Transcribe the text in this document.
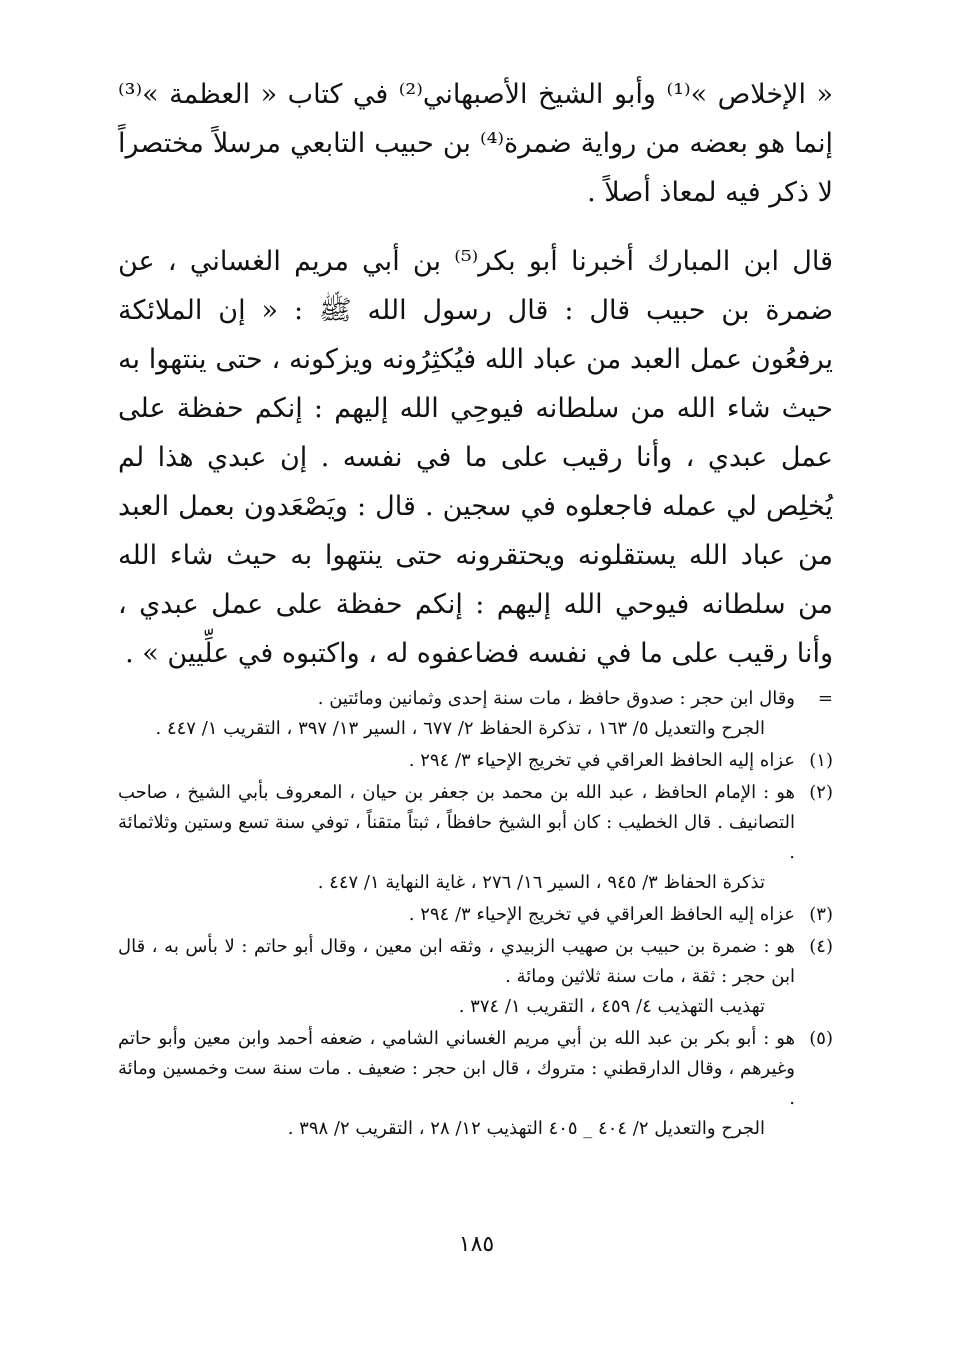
« الإخلاص »⁽¹⁾ وأبو الشيخ الأصبهاني⁽²⁾ في كتاب « العظمة »⁽³⁾ إنما هو بعضه من رواية ضمرة⁽⁴⁾ بن حبيب التابعي مرسلاً مختصراً لا ذكر فيه لمعاذ أصلاً .

قال ابن المبارك أخبرنا أبو بكر⁽⁵⁾ بن أبي مريم الغساني ، عن ضمرة بن حبيب قال : قال رسول الله ﷺ : « إن الملائكة يرفعُون عمل العبد من عباد الله فيُكثِرُونه ويزكونه ، حتى ينتهوا به حيث شاء الله من سلطانه فيوحِي الله إليهم : إنكم حفظة على عمل عبدي ، وأنا رقيب على ما في نفسه . إن عبدي هذا لم يُخلِص لي عمله فاجعلوه في سجين . قال : ويَصْعَدون بعمل العبد من عباد الله يستقلونه ويحتقرونه حتى ينتهوا به حيث شاء الله من سلطانه فيوحي الله إليهم : إنكم حفظة على عمل عبدي ، وأنا رقيب على ما في نفسه فضاعفوه له ، واكتبوه في علِّيين » .

=
وقال ابن حجر : صدوق حافظ ، مات سنة إحدى وثمانين ومائتين .
الجرح والتعديل ٥/ ١٦٣ ، تذكرة الحفاظ ٢/ ٦٧٧ ، السير ١٣/ ٣٩٧ ، التقريب ١/ ٤٤٧ .
(١)
عزاه إليه الحافظ العراقي في تخريج الإحياء ٣/ ٢٩٤ .
(٢)
هو : الإمام الحافظ ، عبد الله بن محمد بن جعفر بن حيان ، المعروف بأبي الشيخ ، صاحب التصانيف . قال الخطيب : كان أبو الشيخ حافظاً ، ثبتاً متقناً ، توفي سنة تسع وستين وثلاثمائة .
تذكرة الحفاظ ٣/ ٩٤٥ ، السير ١٦/ ٢٧٦ ، غاية النهاية ١/ ٤٤٧ .
(٣)
عزاه إليه الحافظ العراقي في تخريج الإحياء ٣/ ٢٩٤ .
(٤)
هو : ضمرة بن حبيب بن صهيب الزبيدي ، وثقه ابن معين ، وقال أبو حاتم : لا بأس به ، قال ابن حجر : ثقة ، مات سنة ثلاثين ومائة .
تهذيب التهذيب ٤/ ٤٥٩ ، التقريب ١/ ٣٧٤ .
(٥)
هو : أبو بكر بن عبد الله بن أبي مريم الغساني الشامي ، ضعفه أحمد وابن معين وأبو حاتم وغيرهم ، وقال الدارقطني : متروك ، قال ابن حجر : ضعيف . مات سنة ست وخمسين ومائة .
الجرح والتعديل ٢/ ٤٠٤ _ ٤٠٥ التهذيب ١٢/ ٢٨ ، التقريب ٢/ ٣٩٨ .
١٨٥
